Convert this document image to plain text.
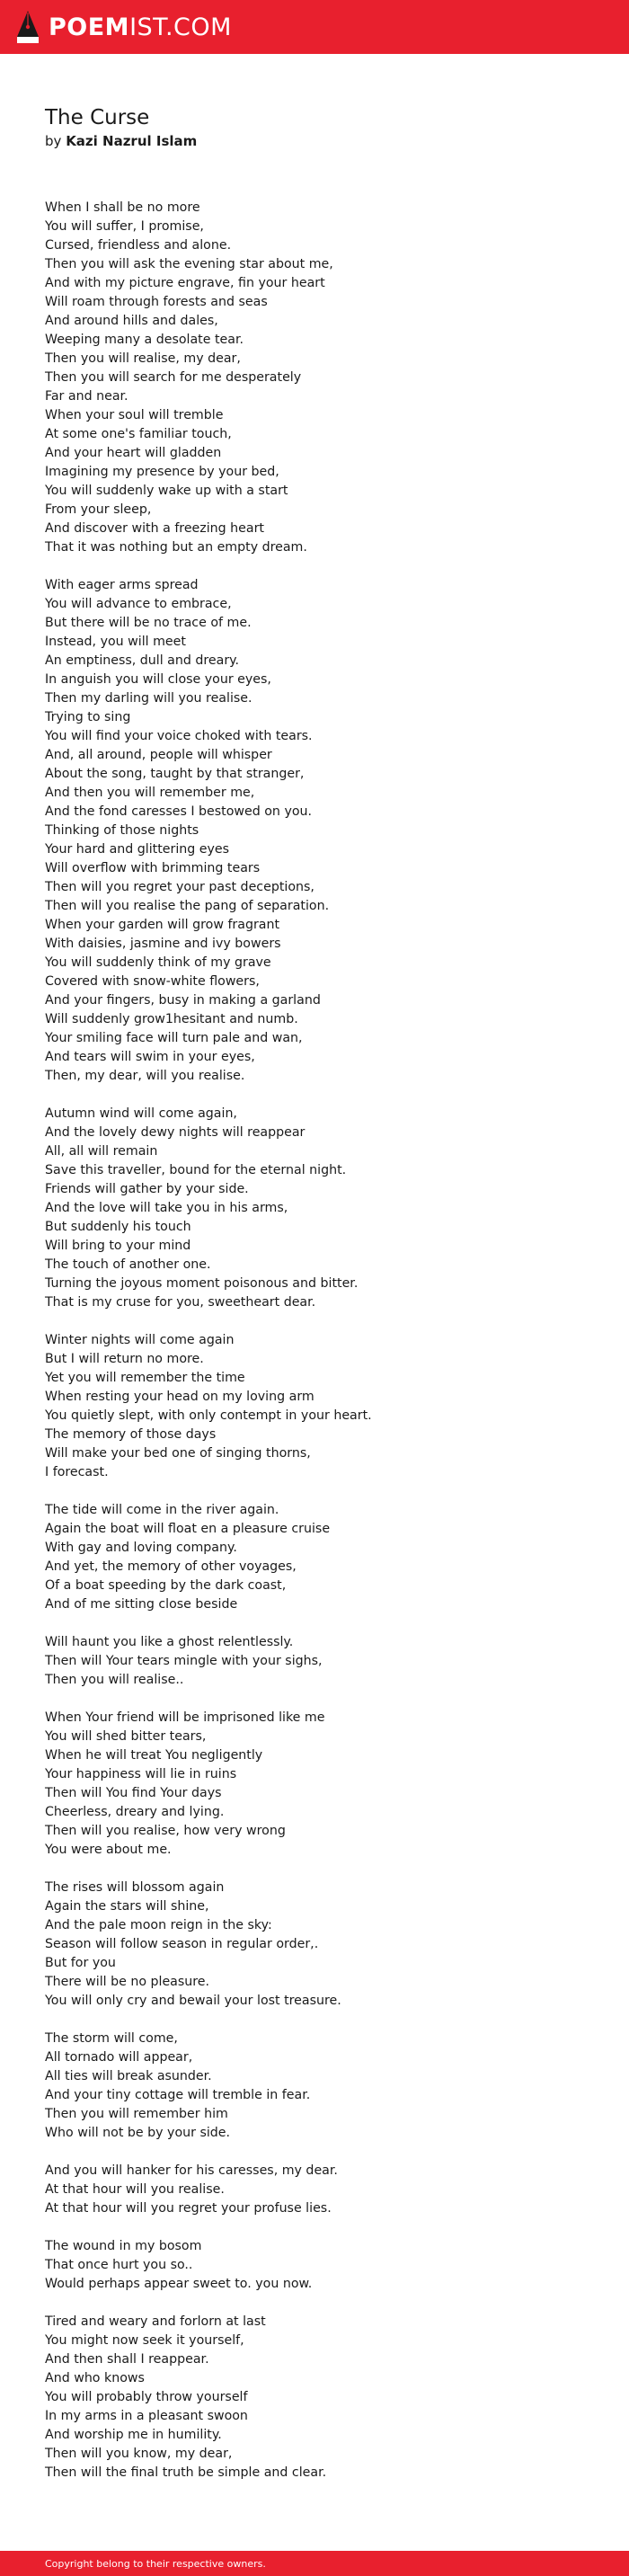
POEMIST.COM
The Curse
by Kazi Nazrul Islam
When I shall be no more
You will suffer, I promise,
Cursed, friendless and alone.
Then you will ask the evening star about me,
And with my picture engrave, fin your heart
Will roam through forests and seas
And around hills and dales,
Weeping many a desolate tear.
Then you will realise, my dear,
Then you will search for me desperately
Far and near.
When your soul will tremble
At some one's familiar touch,
And your heart will gladden
Imagining my presence by your bed,
You will suddenly wake up with a start
From your sleep,
And discover with a freezing heart
That it was nothing but an empty dream.
With eager arms spread
You will advance to embrace,
But there will be no trace of me.
Instead, you will meet
An emptiness, dull and dreary.
In anguish you will close your eyes,
Then my darling will you realise.
Trying to sing
You will find your voice choked with tears.
And, all around, people will whisper
About the song, taught by that stranger,
And then you will remember me,
And the fond caresses I bestowed on you.
Thinking of those nights
Your hard and glittering eyes
Will overflow with brimming tears
Then will you regret your past deceptions,
Then will you realise the pang of separation.
When your garden will grow fragrant
With daisies, jasmine and ivy bowers
You will suddenly think of my grave
Covered with snow-white flowers,
And your fingers, busy in making a garland
Will suddenly grow1hesitant and numb.
Your smiling face will turn pale and wan,
And tears will swim in your eyes,
Then, my dear, will you realise.
Autumn wind will come again,
And the lovely dewy nights will reappear
All, all will remain
Save this traveller, bound for the eternal night.
Friends will gather by your side.
And the love will take you in his arms,
But suddenly his touch
Will bring to your mind
The touch of another one.
Turning the joyous moment poisonous and bitter.
That is my cruse for you, sweetheart dear.
Winter nights will come again
But I will return no more.
Yet you will remember the time
When resting your head on my loving arm
You quietly slept, with only contempt in your heart.
The memory of those days
Will make your bed one of singing thorns,
I forecast.
The tide will come in the river again.
Again the boat will float en a pleasure cruise
With gay and loving company.
And yet, the memory of other voyages,
Of a boat speeding by the dark coast,
And of me sitting close beside
Will haunt you like a ghost relentlessly.
Then will Your tears mingle with your sighs,
Then you will realise..
When Your friend will be imprisoned like me
You will shed bitter tears,
When he will treat You negligently
Your happiness will lie in ruins
Then will You find Your days
Cheerless, dreary and lying.
Then will you realise, how very wrong
You were about me.
The rises will blossom again
Again the stars will shine,
And the pale moon reign in the sky:
Season will follow season in regular order,.
But for you
There will be no pleasure.
You will only cry and bewail your lost treasure.
The storm will come,
All tornado will appear,
All ties will break asunder.
And your tiny cottage will tremble in fear.
Then you will remember him
Who will not be by your side.
And you will hanker for his caresses, my dear.
At that hour will you realise.
At that hour will you regret your profuse lies.
The wound in my bosom
That once hurt you so..
Would perhaps appear sweet to. you now.
Tired and weary and forlorn at last
You might now seek it yourself,
And then shall I reappear.
And who knows
You will probably throw yourself
In my arms in a pleasant swoon
And worship me in humility.
Then will you know, my dear,
Then will the final truth be simple and clear.
Copyright belong to their respective owners.
